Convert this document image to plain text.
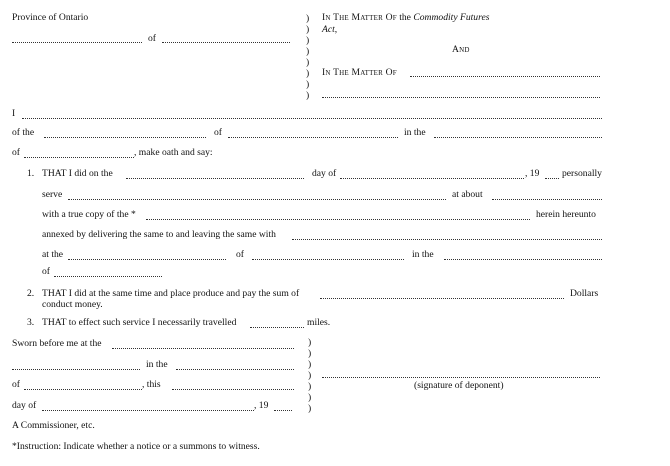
Province of Ontario
of
)
)
)
)
)
)
)
)
In The Matter Of the Commodity Futures
Act,
And
In The Matter Of
I
of the	of	in the
of	, make oath and say:
1. THAT I did on the	day of	, 19 personally
serve	at about
with a true copy of the *	herein hereunto
annexed by delivering the same to and leaving the same with
at the	of	in the
of
2. THAT I did at the same time and place produce and pay the sum of	Dollars
conduct money.
3. THAT to effect such service I necessarily travelled	miles.
Sworn before me at the
in the
of	, this
day of	, 19
)
)
)
)
)
)
)
(signature of deponent)
A Commissioner, etc.
*Instruction: Indicate whether a notice or a summons to witness.
